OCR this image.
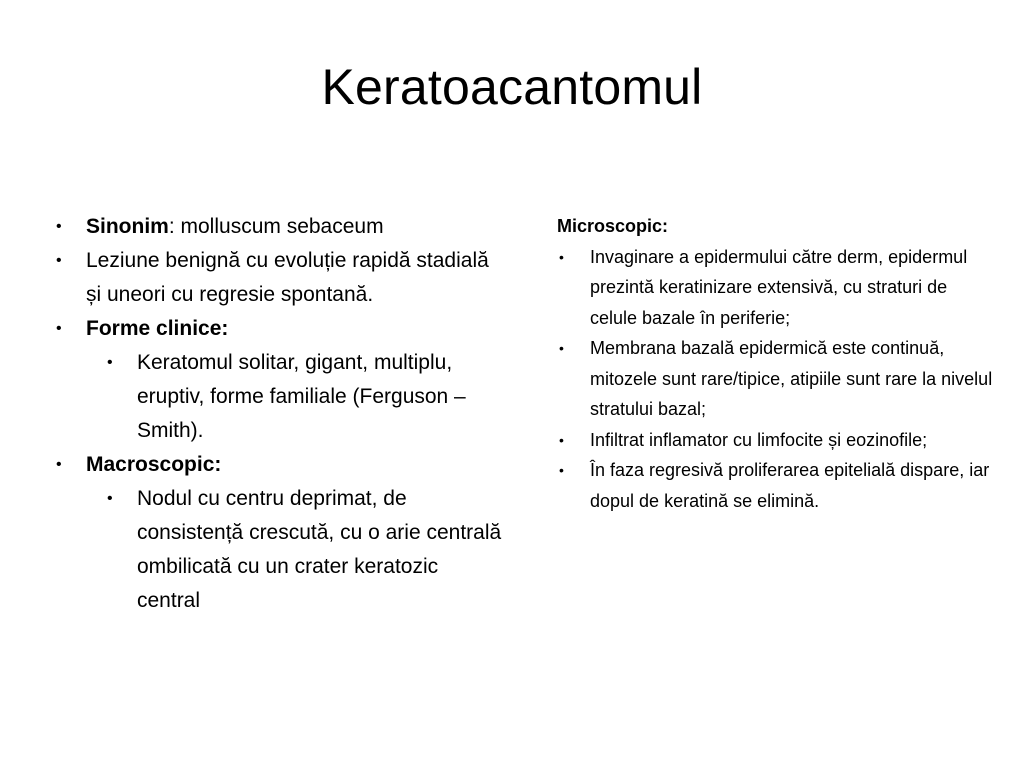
Keratoacantomul
• Sinonim: molluscum sebaceum
• Leziune benignă cu evoluție rapidă stadială și uneori cu regresie spontană.
• Forme clinice:
• Keratomul solitar, gigant, multiplu, eruptiv, forme familiale (Ferguson – Smith).
• Macroscopic:
• Nodul cu centru deprimat, de consistență crescută, cu o arie centrală ombilicată cu un crater keratozic central
Microscopic:
• Invaginare a epidermului către derm, epidermul prezintă keratinizare extensivă, cu straturi de celule bazale în periferie;
• Membrana bazală epidermică este continuă, mitozele sunt rare/tipice, atipiile sunt rare la nivelul stratului bazal;
• Infiltrat inflamator cu limfocite și eozinofile;
• În faza regresivă proliferarea epitelială dispare, iar dopul de keratină se elimină.
